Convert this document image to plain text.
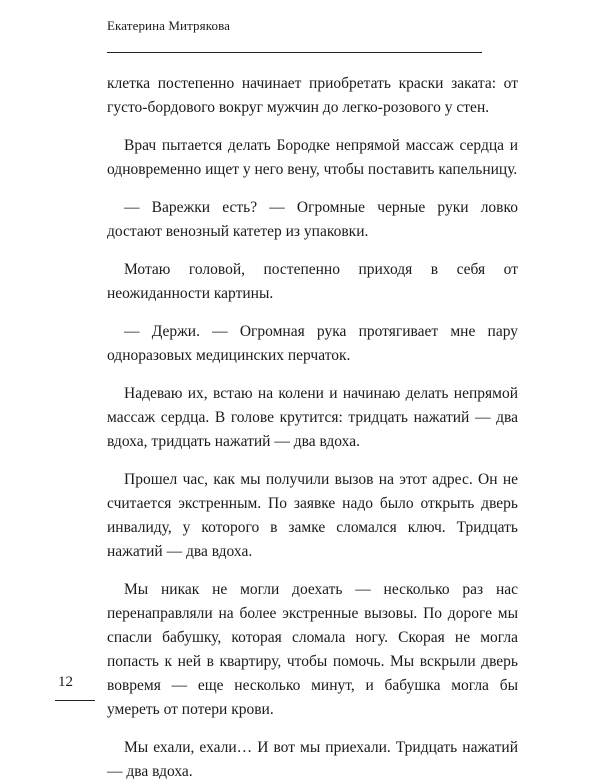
Екатерина Митрякова

клетка постепенно начинает приобретать краски заката: от густо-бордового вокруг мужчин до легко-розового у стен.

Врач пытается делать Бородке непрямой массаж сердца и одновременно ищет у него вену, чтобы поставить капельницу.

— Варежки есть? — Огромные черные руки ловко достают венозный катетер из упаковки.

Мотаю головой, постепенно приходя в себя от неожиданности картины.

— Держи. — Огромная рука протягивает мне пару одноразовых медицинских перчаток.

Надеваю их, встаю на колени и начинаю делать непрямой массаж сердца. В голове крутится: тридцать нажатий — два вдоха, тридцать нажатий — два вдоха.

Прошел час, как мы получили вызов на этот адрес. Он не считается экстренным. По заявке надо было открыть дверь инвалиду, у которого в замке сломался ключ. Тридцать нажатий — два вдоха.

Мы никак не могли доехать — несколько раз нас перенаправляли на более экстренные вызовы. По дороге мы спасли бабушку, которая сломала ногу. Скорая не могла попасть к ней в квартиру, чтобы помочь. Мы вскрыли дверь вовремя — еще несколько минут, и бабушка могла бы умереть от потери крови.

Мы ехали, ехали… И вот мы приехали. Тридцать нажатий — два вдоха.

12
